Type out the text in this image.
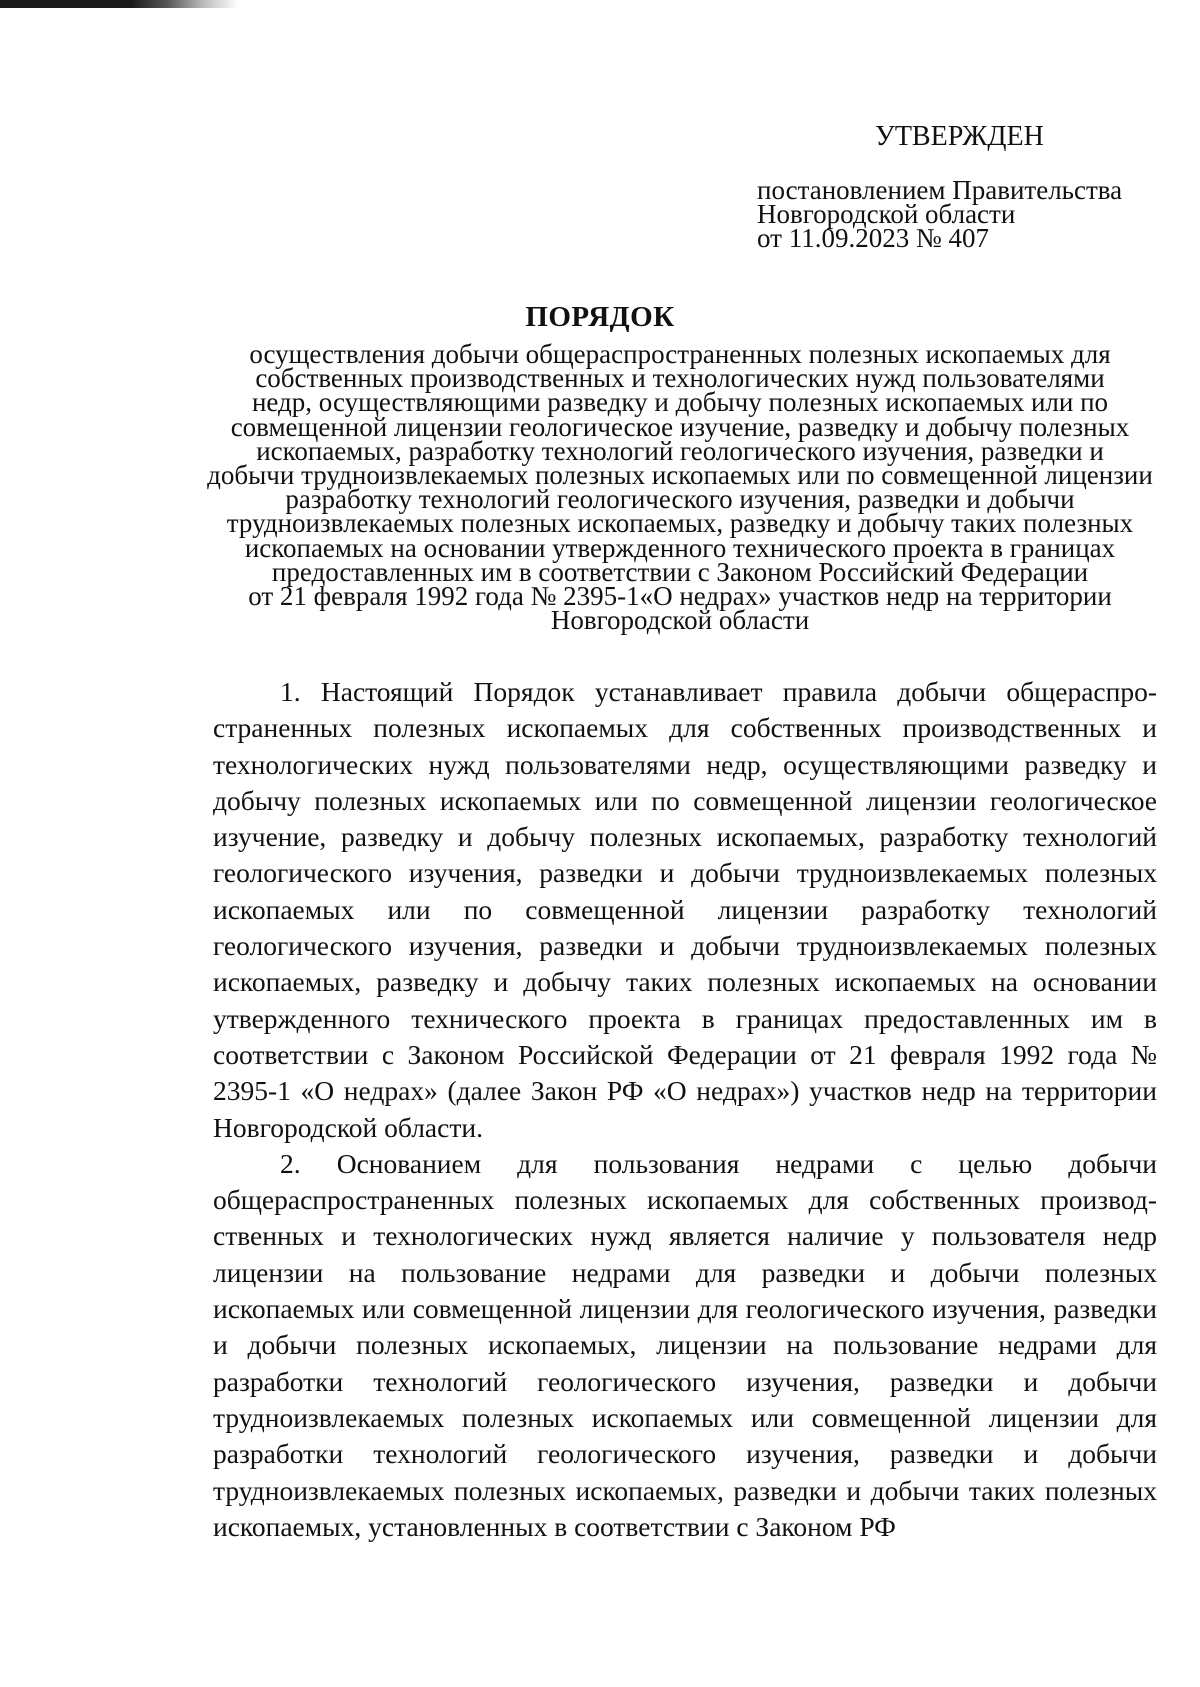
УТВЕРЖДЕН
постановлением Правительства
Новгородской области
от 11.09.2023 № 407
ПОРЯДОК
осуществления добычи общераспространенных полезных ископаемых для
собственных производственных и технологических нужд пользователями
недр, осуществляющими разведку и добычу полезных ископаемых или по
совмещенной лицензии геологическое изучение, разведку и добычу полезных
ископаемых, разработку технологий геологического изучения, разведки и
добычи трудноизвлекаемых полезных ископаемых или по совмещенной лицензии
разработку технологий геологического изучения, разведки и добычи
трудноизвлекаемых полезных ископаемых, разведку и добычу таких полезных
ископаемых на основании утвержденного технического проекта в границах
предоставленных им в соответствии с Законом Российский Федерации
от 21 февраля 1992 года № 2395-1«О недрах» участков недр на территории
Новгородской области

1. Настоящий Порядок устанавливает правила добычи общераспространенных полезных ископаемых для собственных производственных и технологических нужд пользователями недр, осуществляющими разведку и добычу полезных ископаемых или по совмещенной лицензии геологическое изучение, разведку и добычу полезных ископаемых, разработку технологий геологического изучения, разведки и добычи трудноизвлекаемых полезных ископаемых или по совмещенной лицензии разработку технологий геологического изучения, разведки и добычи трудноизвлекаемых полезных ископаемых, разведку и добычу таких полезных ископаемых на основании утвержденного технического проекта в границах предоставленных им в соответствии с Законом Российской Федерации от 21 февраля 1992 года № 2395-1 «О недрах» (далее Закон РФ «О недрах») участков недр на территории Новгородской области.

2. Основанием для пользования недрами с целью добычи общераспространенных полезных ископаемых для собственных производственных и технологических нужд является наличие у пользователя недр лицензии на пользование недрами для разведки и добычи полезных ископаемых или совмещенной лицензии для геологического изучения, разведки и добычи полезных ископаемых, лицензии на пользование недрами для разработки технологий геологического изучения, разведки и добычи трудноизвлекаемых полезных ископаемых или совмещенной лицензии для разработки технологий геологического изучения, разведки и добычи трудноизвлекаемых полезных ископаемых, разведки и добычи таких полезных ископаемых, установленных в соответствии с Законом РФ
